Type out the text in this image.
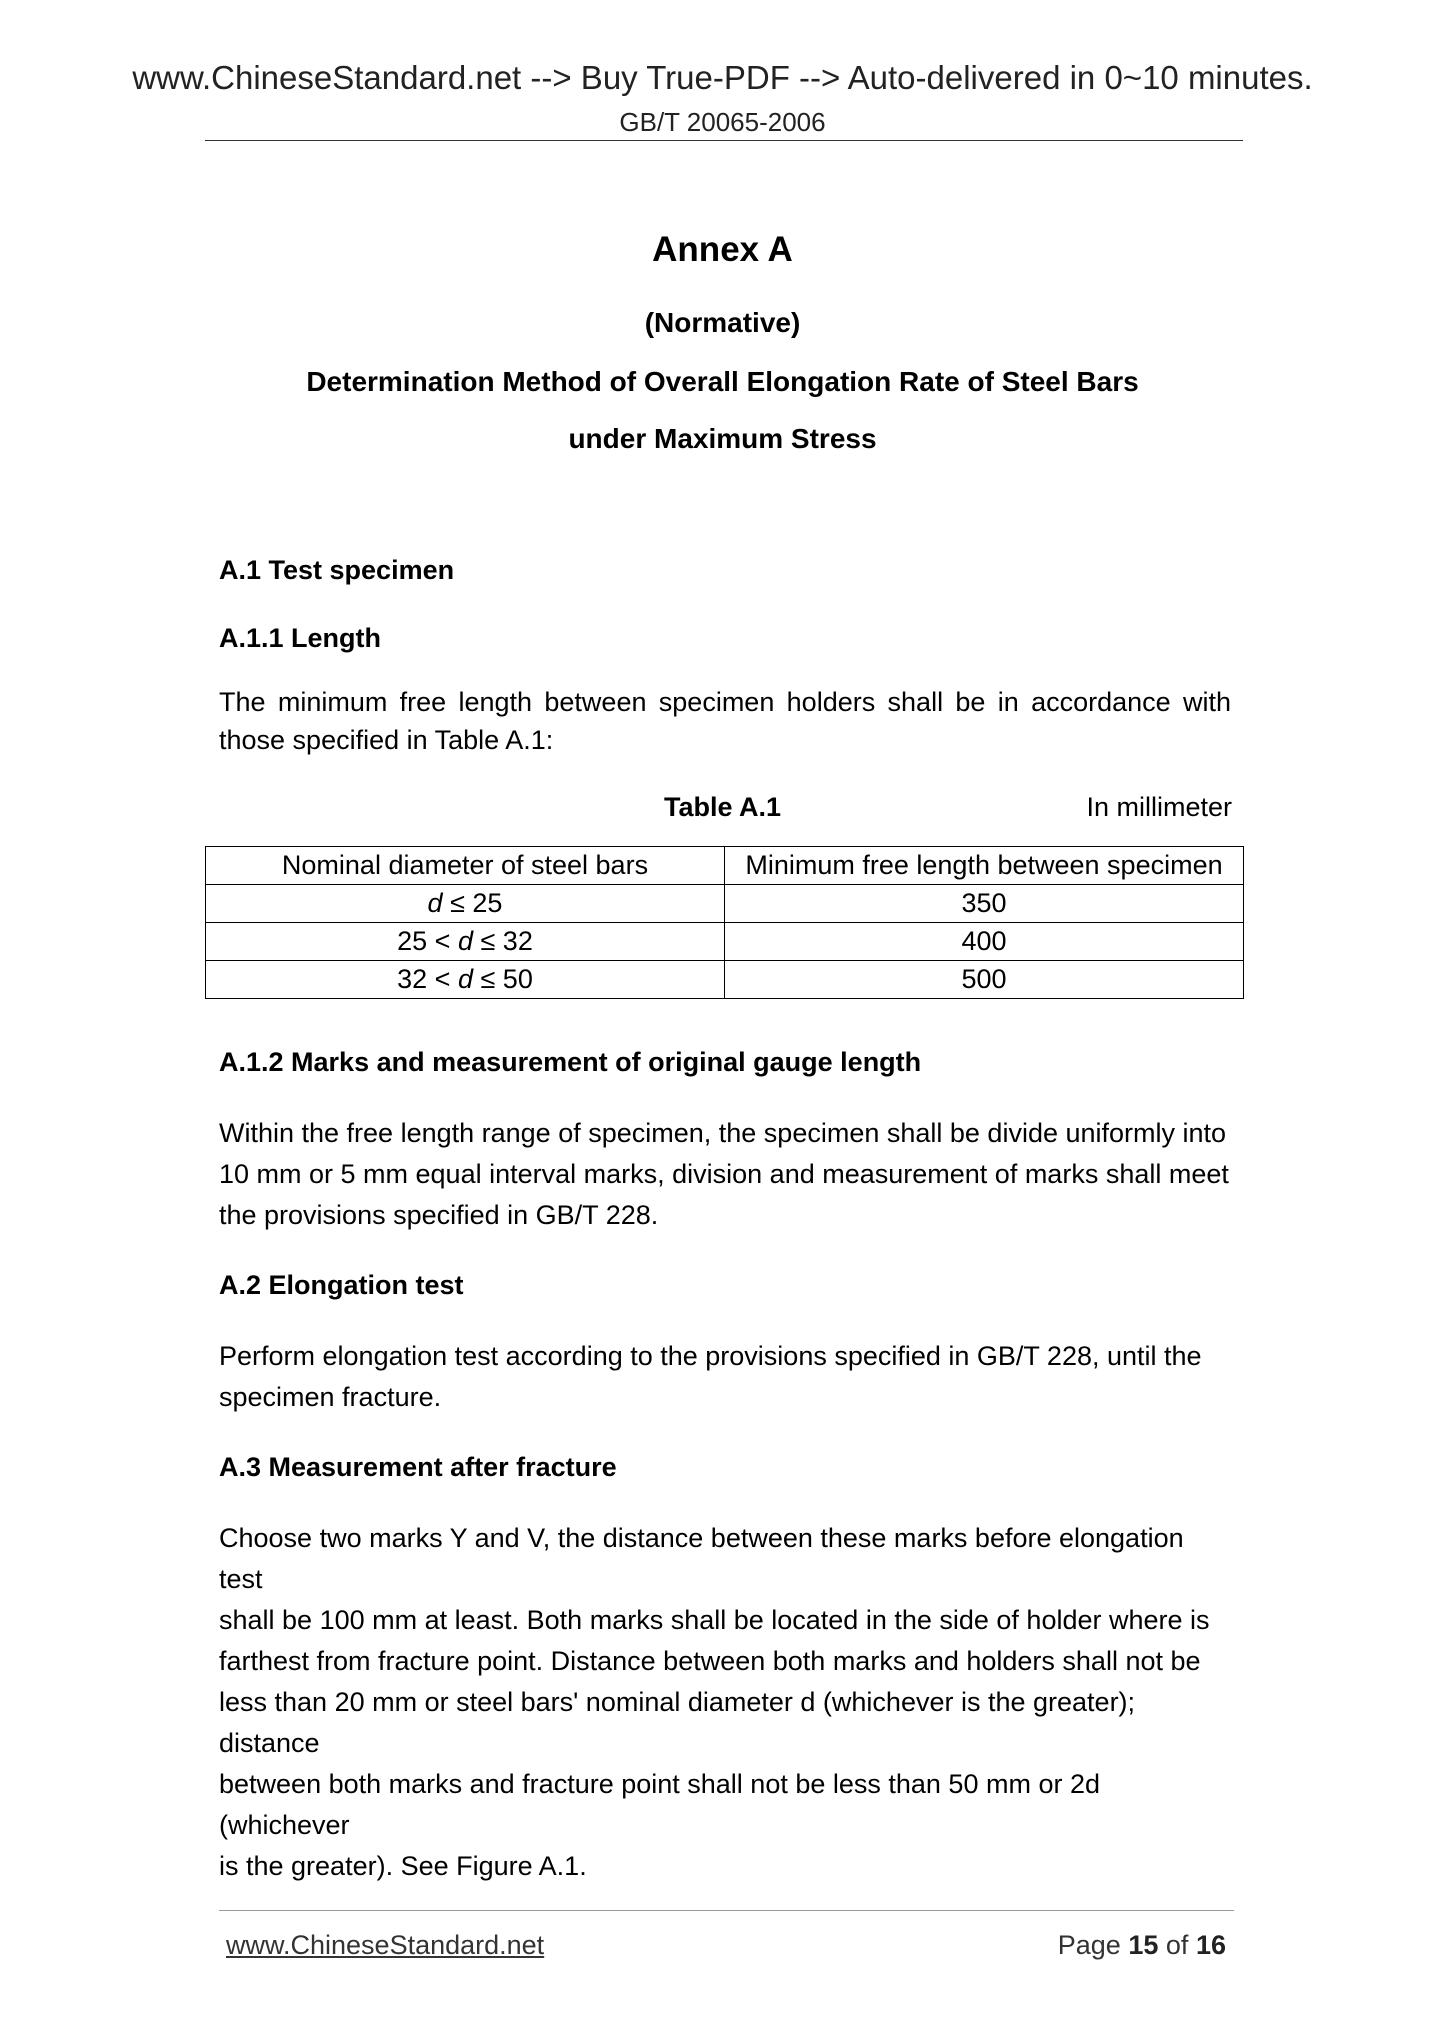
www.ChineseStandard.net --> Buy True-PDF --> Auto-delivered in 0~10 minutes.
GB/T 20065-2006
Annex A
(Normative)
Determination Method of Overall Elongation Rate of Steel Bars
under Maximum Stress
A.1 Test specimen
A.1.1 Length
The minimum free length between specimen holders shall be in accordance with those specified in Table A.1:
Table A.1	In millimeter
Nominal diameter of steel bars	Minimum free length between specimen
d ≤ 25	350
25 < d ≤ 32	400
32 < d ≤ 50	500
A.1.2 Marks and measurement of original gauge length
Within the free length range of specimen, the specimen shall be divide uniformly into
10 mm or 5 mm equal interval marks, division and measurement of marks shall meet
the provisions specified in GB/T 228.
A.2 Elongation test
Perform elongation test according to the provisions specified in GB/T 228, until the
specimen fracture.
A.3 Measurement after fracture
Choose two marks Y and V, the distance between these marks before elongation test
shall be 100 mm at least. Both marks shall be located in the side of holder where is
farthest from fracture point. Distance between both marks and holders shall not be
less than 20 mm or steel bars' nominal diameter d (whichever is the greater); distance
between both marks and fracture point shall not be less than 50 mm or 2d (whichever
is the greater). See Figure A.1.
www.ChineseStandard.net	Page 15 of 16
